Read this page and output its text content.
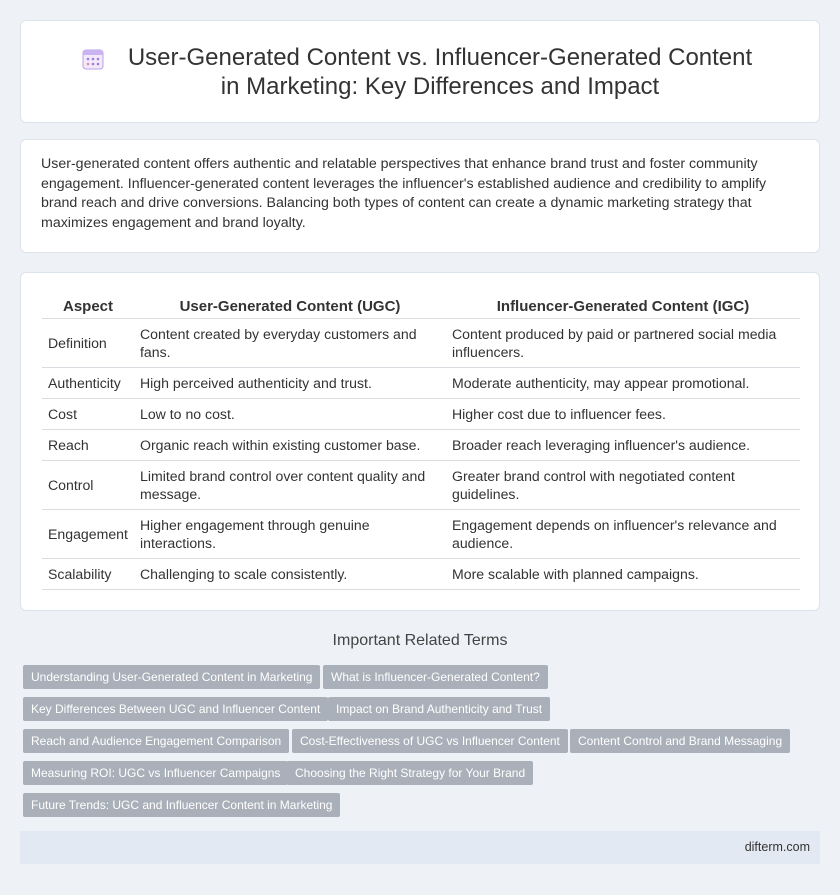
User-Generated Content vs. Influencer-Generated Content in Marketing: Key Differences and Impact

User-generated content offers authentic and relatable perspectives that enhance brand trust and foster community engagement. Influencer-generated content leverages the influencer's established audience and credibility to amplify brand reach and drive conversions. Balancing both types of content can create a dynamic marketing strategy that maximizes engagement and brand loyalty.

Aspect	User-Generated Content (UGC)	Influencer-Generated Content (IGC)
Definition	Content created by everyday customers and fans.	Content produced by paid or partnered social media influencers.
Authenticity	High perceived authenticity and trust.	Moderate authenticity, may appear promotional.
Cost	Low to no cost.	Higher cost due to influencer fees.
Reach	Organic reach within existing customer base.	Broader reach leveraging influencer's audience.
Control	Limited brand control over content quality and message.	Greater brand control with negotiated content guidelines.
Engagement	Higher engagement through genuine interactions.	Engagement depends on influencer's relevance and audience.
Scalability	Challenging to scale consistently.	More scalable with planned campaigns.
Important Related Terms
Understanding User-Generated Content in Marketing	What is Influencer-Generated Content?
Key Differences Between UGC and Influencer Content	Impact on Brand Authenticity and Trust
Reach and Audience Engagement Comparison	Cost-Effectiveness of UGC vs Influencer Content	Content Control and Brand Messaging
Measuring ROI: UGC vs Influencer Campaigns	Choosing the Right Strategy for Your Brand
Future Trends: UGC and Influencer Content in Marketing
difterm.com
